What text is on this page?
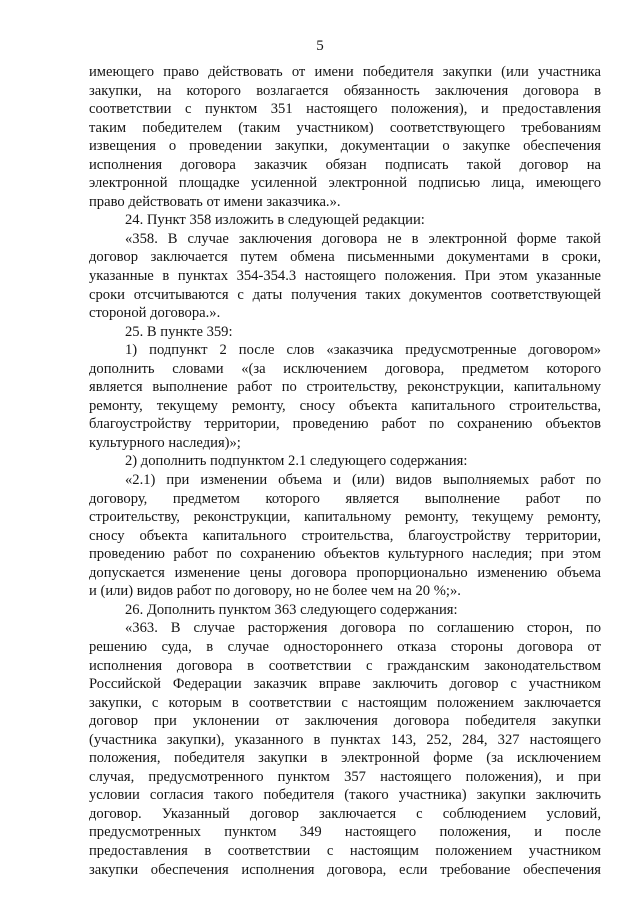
5
имеющего право действовать от имени победителя закупки (или участника
закупки, на которого возлагается обязанность заключения договора в
соответствии с пунктом 351 настоящего положения), и предоставления
таким победителем (таким участником) соответствующего требованиям
извещения о проведении закупки, документации о закупке обеспечения
исполнения договора заказчик обязан подписать такой договор на
электронной площадке усиленной электронной подписью лица, имеющего
право действовать от имени заказчика.».
24. Пункт 358 изложить в следующей редакции:
«358. В случае заключения договора не в электронной форме такой
договор заключается путем обмена письменными документами в сроки,
указанные в пунктах 354-354.3 настоящего положения. При этом указанные
сроки отсчитываются с даты получения таких документов соответствующей
стороной договора.».
25. В пункте 359:
1) подпункт 2 после слов «заказчика предусмотренные договором»
дополнить словами «(за исключением договора, предметом которого
является выполнение работ по строительству, реконструкции, капитальному
ремонту, текущему ремонту, сносу объекта капитального строительства,
благоустройству территории, проведению работ по сохранению объектов
культурного наследия)»;
2) дополнить подпунктом 2.1 следующего содержания:
«2.1) при изменении объема и (или) видов выполняемых работ по
договору, предметом которого является выполнение работ по
строительству, реконструкции, капитальному ремонту, текущему ремонту,
сносу объекта капитального строительства, благоустройству территории,
проведению работ по сохранению объектов культурного наследия; при этом
допускается изменение цены договора пропорционально изменению объема
и (или) видов работ по договору, но не более чем на 20 %;».
26. Дополнить пунктом 363 следующего содержания:
«363. В случае расторжения договора по соглашению сторон, по
решению суда, в случае одностороннего отказа стороны договора от
исполнения договора в соответствии с гражданским законодательством
Российской Федерации заказчик вправе заключить договор с участником
закупки, с которым в соответствии с настоящим положением заключается
договор при уклонении от заключения договора победителя закупки
(участника закупки), указанного в пунктах 143, 252, 284, 327 настоящего
положения, победителя закупки в электронной форме (за исключением
случая, предусмотренного пунктом 357 настоящего положения), и при
условии согласия такого победителя (такого участника) закупки заключить
договор. Указанный договор заключается с соблюдением условий,
предусмотренных пунктом 349 настоящего положения, и после
предоставления в соответствии с настоящим положением участником
закупки обеспечения исполнения договора, если требование обеспечения
